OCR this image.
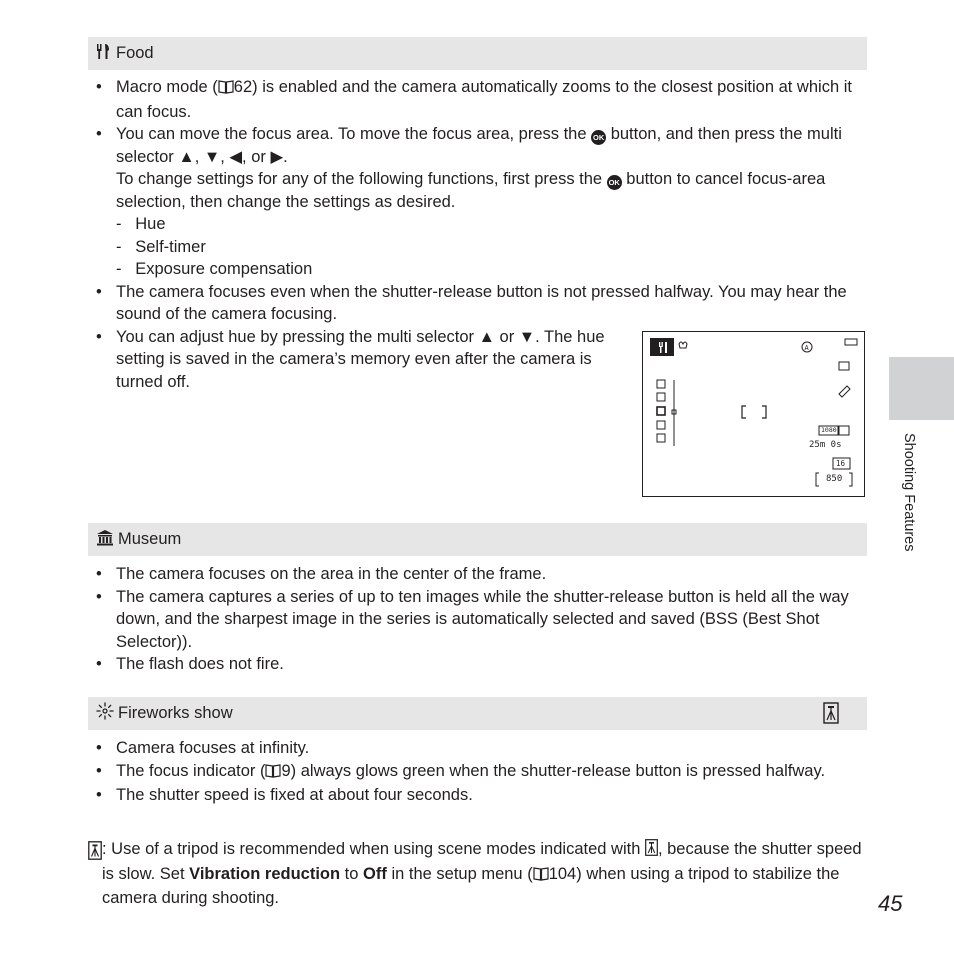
Food
• Macro mode ( 62) is enabled and the camera automatically zooms to the closest position at which it can focus.
• You can move the focus area. To move the focus area, press the OK button, and then press the multi selector ▲, ▼, ◀, or ▶.
To change settings for any of the following functions, first press the OK button to cancel focus-area selection, then change the settings as desired.
-   Hue
-   Self-timer
-   Exposure compensation
• The camera focuses even when the shutter-release button is not pressed halfway. You may hear the sound of the camera focusing.
• You can adjust hue by pressing the multi selector ▲ or ▼. The hue setting is saved in the camera’s memory even after the camera is turned off.
A
1080
25m 0s
16
850
Museum
• The camera focuses on the area in the center of the frame.
• The camera captures a series of up to ten images while the shutter-release button is held all the way down, and the sharpest image in the series is automatically selected and saved (BSS (Best Shot Selector)).
• The flash does not fire.
Fireworks show
• Camera focuses at infinity.
• The focus indicator ( 9) always glows green when the shutter-release button is pressed halfway.
• The shutter speed is fixed at about four seconds.
: Use of a tripod is recommended when using scene modes indicated with , because the shutter speed is slow. Set Vibration reduction to Off in the setup menu ( 104) when using a tripod to stabilize the camera during shooting.
Shooting Features
45
